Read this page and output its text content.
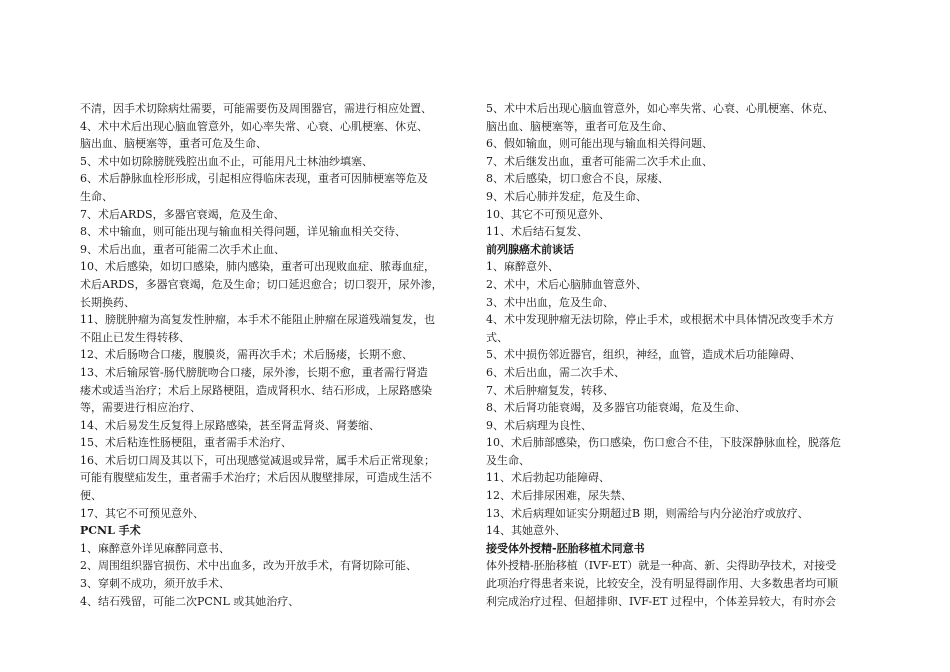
不清，因手术切除病灶需要，可能需要伤及周围器官，需进行相应处置、
4、术中术后出现心脑血管意外，如心率失常、心衰、心肌梗塞、休克、
脑出血、脑梗塞等，重者可危及生命、
5、术中如切除膀胱残腔出血不止，可能用凡士林油纱填塞、
6、术后静脉血栓形形成，引起相应得临床表现，重者可因肺梗塞等危及
生命、
7、术后ARDS，多器官衰竭，危及生命、
8、术中输血，则可能出现与输血相关得问题，详见输血相关交待、
9、术后出血，重者可能需二次手术止血、
10、术后感染，如切口感染，肺内感染，重者可出现败血症、脓毒血症，
术后ARDS，多器官衰竭，危及生命；切口延迟愈合；切口裂开，尿外渗，
长期换药、
11、膀胱肿瘤为高复发性肿瘤，本手术不能阻止肿瘤在尿道残端复发，也
不阻止已发生得转移、
12、术后肠吻合口瘘，腹膜炎，需再次手术；术后肠瘘，长期不愈、
13、术后输尿管-肠代膀胱吻合口瘘，尿外渗，长期不愈，重者需行肾造
瘘术或适当治疗；术后上尿路梗阻，造成肾积水、结石形成，上尿路感染
等，需要进行相应治疗、
14、术后易发生反复得上尿路感染，甚至肾盂肾炎、肾萎缩、
15、术后粘连性肠梗阻，重者需手术治疗、
16、术后切口周及其以下，可出现感觉减退或异常，属手术后正常现象；
可能有腹壁疝发生，重者需手术治疗；术后因从腹壁排尿，可造成生活不
便、
17、其它不可预见意外、
PCNL 手术
1、麻醉意外详见麻醉同意书、
2、周围组织器官损伤、术中出血多，改为开放手术，有肾切除可能、
3、穿刺不成功，须开放手术、
4、结石残留，可能二次PCNL 或其她治疗、
5、术中术后出现心脑血管意外，如心率失常、心衰、心肌梗塞、休克、
脑出血、脑梗塞等，重者可危及生命、
6、假如输血，则可能出现与输血相关得问题、
7、术后继发出血，重者可能需二次手术止血、
8、术后感染，切口愈合不良，尿瘘、
9、术后心肺并发症，危及生命、
10、其它不可预见意外、
11、术后结石复发、
前列腺癌术前谈话
1、麻醉意外、
2、术中，术后心脑肺血管意外、
3、术中出血，危及生命、
4、术中发现肿瘤无法切除，停止手术，或根据术中具体情况改变手术方
式、
5、术中损伤邻近器官，组织，神经，血管，造成术后功能障碍、
6、术后出血，需二次手术、
7、术后肿瘤复发，转移、
8、术后肾功能衰竭，及多器官功能衰竭，危及生命、
9、术后病理为良性、
10、术后肺部感染，伤口感染，伤口愈合不佳，下肢深静脉血栓，脱落危
及生命、
11、术后勃起功能障碍、
12、术后排尿困难，尿失禁、
13、术后病理如证实分期超过B 期，则需给与内分泌治疗或放疗、
14、其她意外、
接受体外授精-胚胎移植术同意书
体外授精-胚胎移植（IVF-ET）就是一种高、新、尖得助孕技术，对接受
此项治疗得患者来说，比较安全，没有明显得副作用、大多数患者均可顺
利完成治疗过程、但超排卵、IVF-ET 过程中，个体差异较大，有时亦会
